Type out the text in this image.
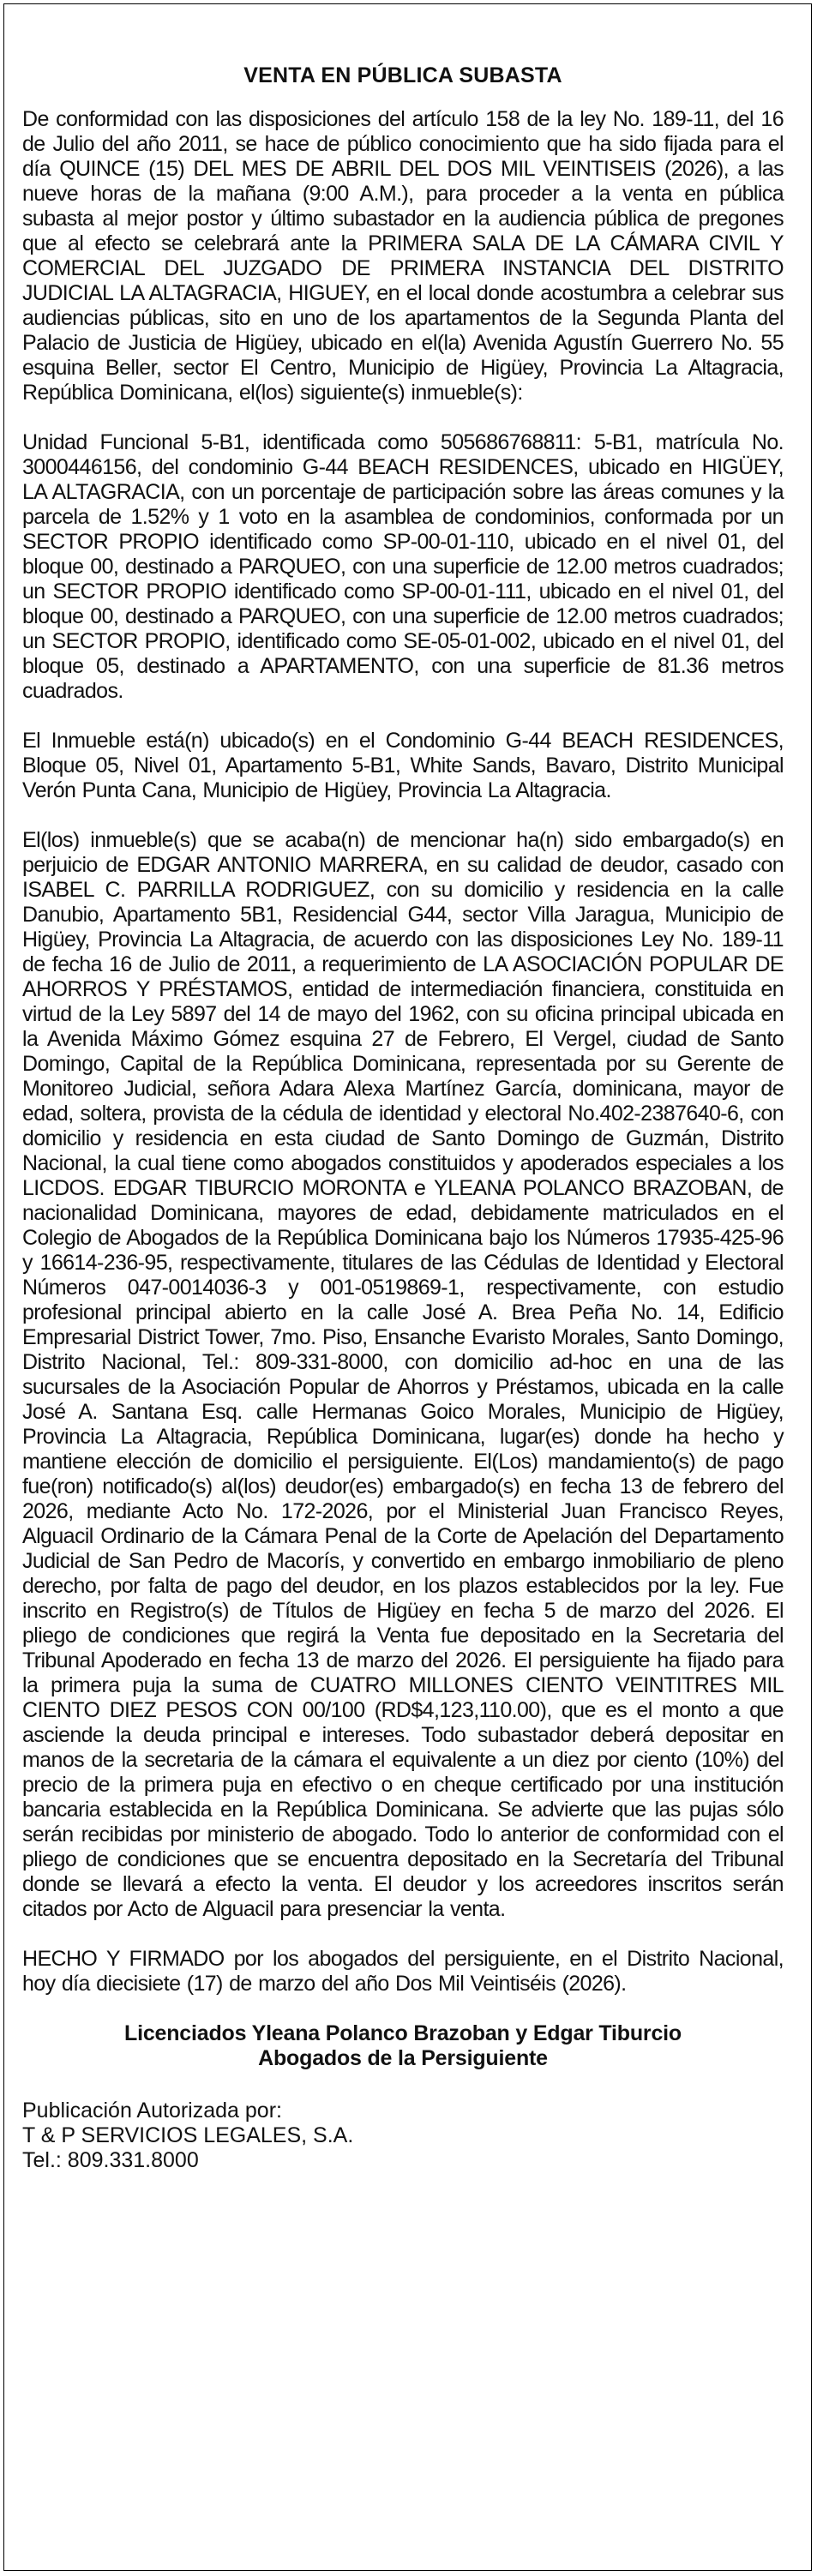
VENTA EN PÚBLICA SUBASTA

De conformidad con las disposiciones del artículo 158 de la ley No. 189-11, del 16 de Julio del año 2011, se hace de público conocimiento que ha sido fijada para el día QUINCE (15) DEL MES DE ABRIL DEL DOS MIL VEINTISEIS (2026), a las nueve horas de la mañana (9:00 A.M.), para proceder a la venta en pública subasta al mejor postor y último subastador en la audiencia pública de pregones que al efecto se celebrará ante la PRIMERA SALA DE LA CÁMARA CIVIL Y COMERCIAL DEL JUZGADO DE PRIMERA INSTANCIA DEL DISTRITO JUDICIAL LA ALTAGRACIA, HIGUEY, en el local donde acostumbra a celebrar sus audiencias públicas, sito en uno de los apartamentos de la Segunda Planta del Palacio de Justicia de Higüey, ubicado en el(la) Avenida Agustín Guerrero No. 55 esquina Beller, sector El Centro, Municipio de Higüey, Provincia La Altagracia, República Dominicana, el(los) siguiente(s) inmueble(s):

Unidad Funcional 5-B1, identificada como 505686768811: 5-B1, matrícula No. 3000446156, del condominio G-44 BEACH RESIDENCES, ubicado en HIGÜEY, LA ALTAGRACIA, con un porcentaje de participación sobre las áreas comunes y la parcela de 1.52% y 1 voto en la asamblea de condominios, conformada por un SECTOR PROPIO identificado como SP-00-01-110, ubicado en el nivel 01, del bloque 00, destinado a PARQUEO, con una superficie de 12.00 metros cuadrados; un SECTOR PROPIO identificado como SP-00-01-111, ubicado en el nivel 01, del bloque 00, destinado a PARQUEO, con una superficie de 12.00 metros cuadrados; un SECTOR PROPIO, identificado como SE-05-01-002, ubicado en el nivel 01, del bloque 05, destinado a APARTAMENTO, con una superficie de 81.36 metros cuadrados.

El Inmueble está(n) ubicado(s) en el Condominio G-44 BEACH RESIDENCES, Bloque 05, Nivel 01, Apartamento 5-B1, White Sands, Bavaro, Distrito Municipal Verón Punta Cana, Municipio de Higüey, Provincia La Altagracia.

El(los) inmueble(s) que se acaba(n) de mencionar ha(n) sido embargado(s) en perjuicio de EDGAR ANTONIO MARRERA, en su calidad de deudor, casado con ISABEL C. PARRILLA RODRIGUEZ, con su domicilio y residencia en la calle Danubio, Apartamento 5B1, Residencial G44, sector Villa Jaragua, Municipio de Higüey, Provincia La Altagracia, de acuerdo con las disposiciones Ley No. 189-11 de fecha 16 de Julio de 2011, a requerimiento de LA ASOCIACIÓN POPULAR DE AHORROS Y PRÉSTAMOS, entidad de intermediación financiera, constituida en virtud de la Ley 5897 del 14 de mayo del 1962, con su oficina principal ubicada en la Avenida Máximo Gómez esquina 27 de Febrero, El Vergel, ciudad de Santo Domingo, Capital de la República Dominicana, representada por su Gerente de Monitoreo Judicial, señora Adara Alexa Martínez García, dominicana, mayor de edad, soltera, provista de la cédula de identidad y electoral No.402-2387640-6, con domicilio y residencia en esta ciudad de Santo Domingo de Guzmán, Distrito Nacional, la cual tiene como abogados constituidos y apoderados especiales a los LICDOS. EDGAR TIBURCIO MORONTA e YLEANA POLANCO BRAZOBAN, de nacionalidad Dominicana, mayores de edad, debidamente matriculados en el Colegio de Abogados de la República Dominicana bajo los Números 17935-425-96 y 16614-236-95, respectivamente, titulares de las Cédulas de Identidad y Electoral Números 047-0014036-3 y 001-0519869-1, respectivamente, con estudio profesional principal abierto en la calle José A. Brea Peña No. 14, Edificio Empresarial District Tower, 7mo. Piso, Ensanche Evaristo Morales, Santo Domingo, Distrito Nacional, Tel.: 809-331-8000, con domicilio ad-hoc en una de las sucursales de la Asociación Popular de Ahorros y Préstamos, ubicada en la calle José A. Santana Esq. calle Hermanas Goico Morales, Municipio de Higüey, Provincia La Altagracia, República Dominicana, lugar(es) donde ha hecho y mantiene elección de domicilio el persiguiente. El(Los) mandamiento(s) de pago fue(ron) notificado(s) al(los) deudor(es) embargado(s) en fecha 13 de febrero del 2026, mediante Acto No. 172-2026, por el Ministerial Juan Francisco Reyes, Alguacil Ordinario de la Cámara Penal de la Corte de Apelación del Departamento Judicial de San Pedro de Macorís, y convertido en embargo inmobiliario de pleno derecho, por falta de pago del deudor, en los plazos establecidos por la ley. Fue inscrito en Registro(s) de Títulos de Higüey en fecha 5 de marzo del 2026. El pliego de condiciones que regirá la Venta fue depositado en la Secretaria del Tribunal Apoderado en fecha 13 de marzo del 2026. El persiguiente ha fijado para la primera puja la suma de CUATRO MILLONES CIENTO VEINTITRES MIL CIENTO DIEZ PESOS CON 00/100 (RD$4,123,110.00), que es el monto a que asciende la deuda principal e intereses. Todo subastador deberá depositar en manos de la secretaria de la cámara el equivalente a un diez por ciento (10%) del precio de la primera puja en efectivo o en cheque certificado por una institución bancaria establecida en la República Dominicana. Se advierte que las pujas sólo serán recibidas por ministerio de abogado. Todo lo anterior de conformidad con el pliego de condiciones que se encuentra depositado en la Secretaría del Tribunal donde se llevará a efecto la venta. El deudor y los acreedores inscritos serán citados por Acto de Alguacil para presenciar la venta.

HECHO Y FIRMADO por los abogados del persiguiente, en el Distrito Nacional, hoy día diecisiete (17) de marzo del año Dos Mil Veintiséis (2026).

Licenciados Yleana Polanco Brazoban y Edgar Tiburcio
Abogados de la Persiguiente
Publicación Autorizada por:
T & P SERVICIOS LEGALES, S.A.
Tel.: 809.331.8000
